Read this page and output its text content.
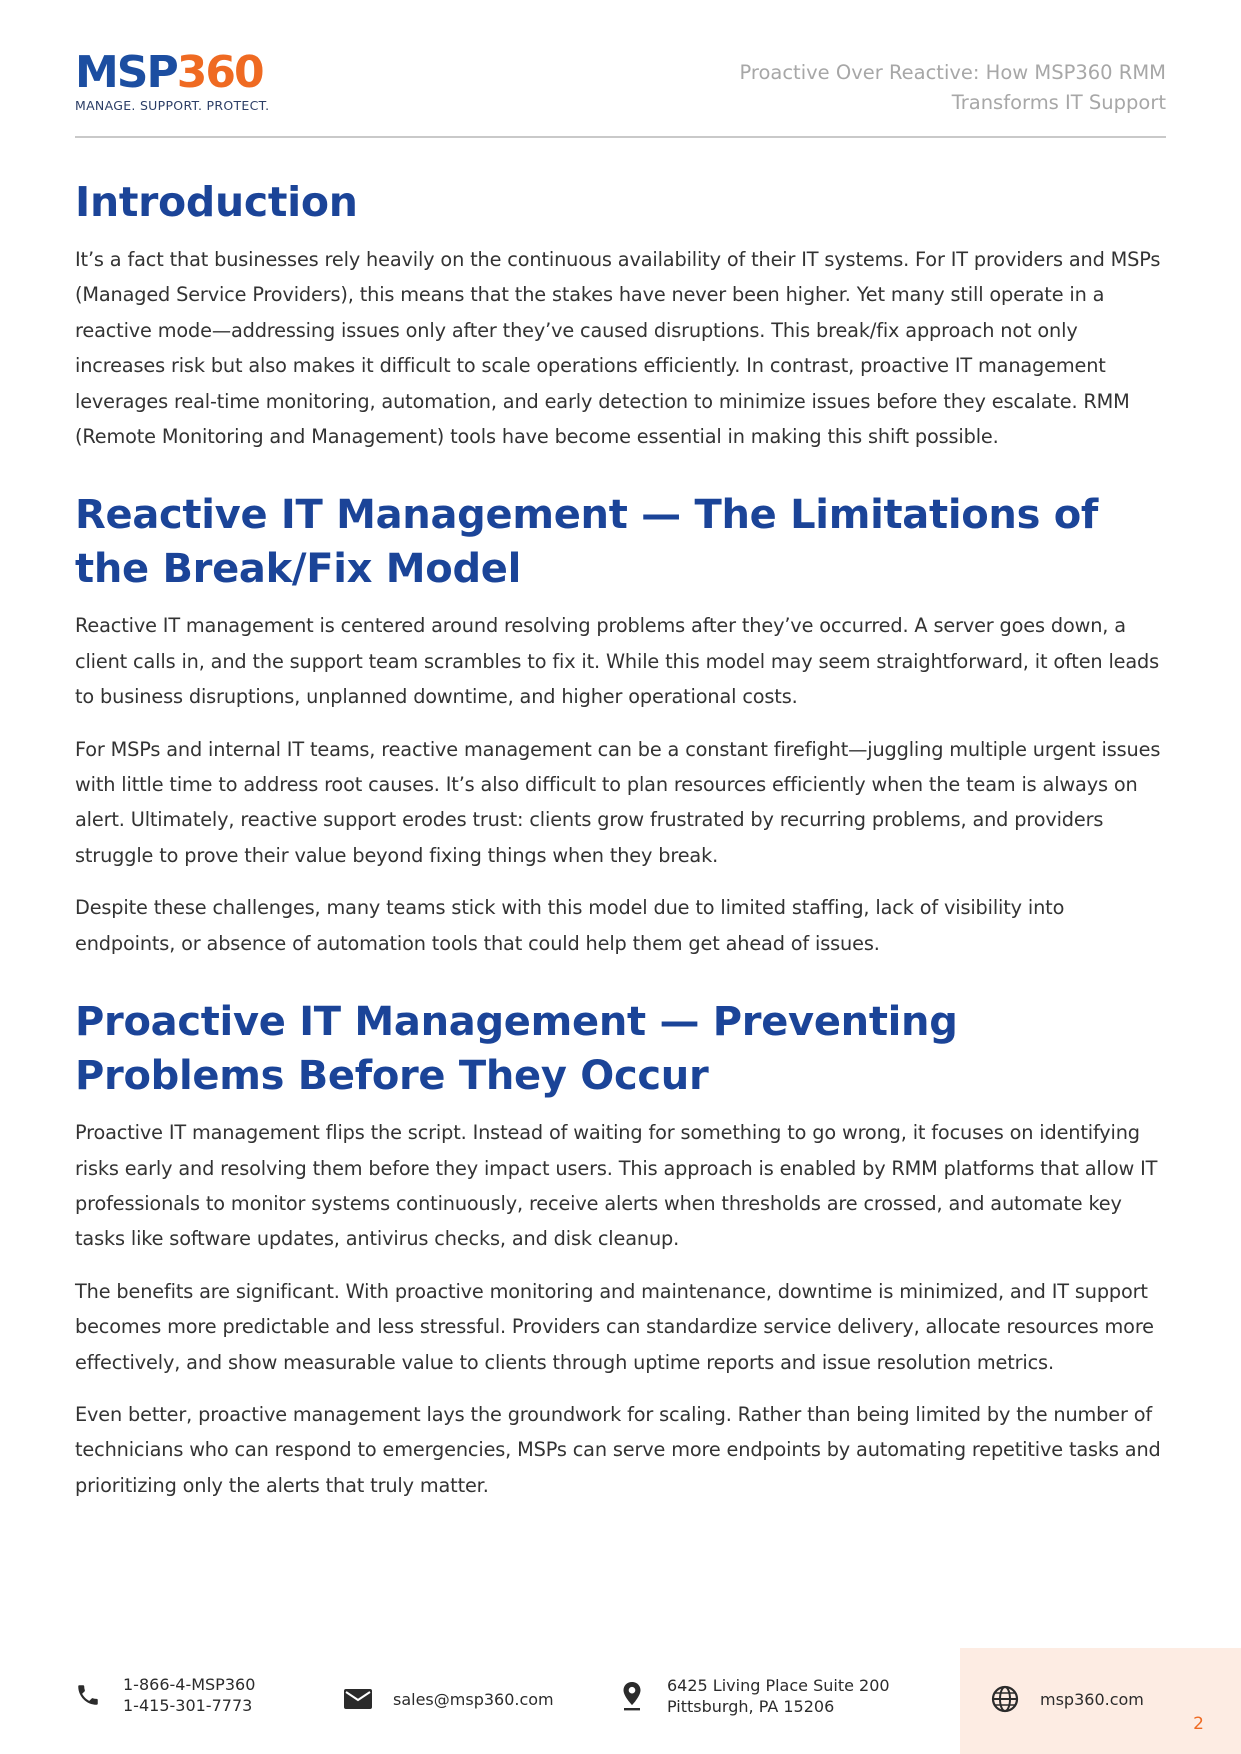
MSP360
MANAGE. SUPPORT. PROTECT.
Proactive Over Reactive: How MSP360 RMM
Transforms IT Support
Introduction

It’s a fact that businesses rely heavily on the continuous availability of their IT systems. For IT providers and MSPs (Managed Service Providers), this means that the stakes have never been higher. Yet many still operate in a reactive mode—addressing issues only after they’ve caused disruptions. This break/fix approach not only increases risk but also makes it difficult to scale operations efficiently. In contrast, proactive IT management leverages real-time monitoring, automation, and early detection to minimize issues before they escalate. RMM (Remote Monitoring and Management) tools have become essential in making this shift possible.

Reactive IT Management — The Limitations of the Break/Fix Model

Reactive IT management is centered around resolving problems after they’ve occurred. A server goes down, a client calls in, and the support team scrambles to fix it. While this model may seem straightforward, it often leads to business disruptions, unplanned downtime, and higher operational costs.

For MSPs and internal IT teams, reactive management can be a constant firefight—juggling multiple urgent issues with little time to address root causes. It’s also difficult to plan resources efficiently when the team is always on alert. Ultimately, reactive support erodes trust: clients grow frustrated by recurring problems, and providers struggle to prove their value beyond fixing things when they break.

Despite these challenges, many teams stick with this model due to limited staffing, lack of visibility into endpoints, or absence of automation tools that could help them get ahead of issues.

Proactive IT Management — Preventing Problems Before They Occur

Proactive IT management flips the script. Instead of waiting for something to go wrong, it focuses on identifying risks early and resolving them before they impact users. This approach is enabled by RMM platforms that allow IT professionals to monitor systems continuously, receive alerts when thresholds are crossed, and automate key tasks like software updates, antivirus checks, and disk cleanup.

The benefits are significant. With proactive monitoring and maintenance, downtime is minimized, and IT support becomes more predictable and less stressful. Providers can standardize service delivery, allocate resources more effectively, and show measurable value to clients through uptime reports and issue resolution metrics.

Even better, proactive management lays the groundwork for scaling. Rather than being limited by the number of technicians who can respond to emergencies, MSPs can serve more endpoints by automating repetitive tasks and prioritizing only the alerts that truly matter.

1-866-4-MSP360
1-415-301-7773	sales@msp360.com
6425 Living Place Suite 200
Pittsburgh, PA 15206	msp360.com
2
